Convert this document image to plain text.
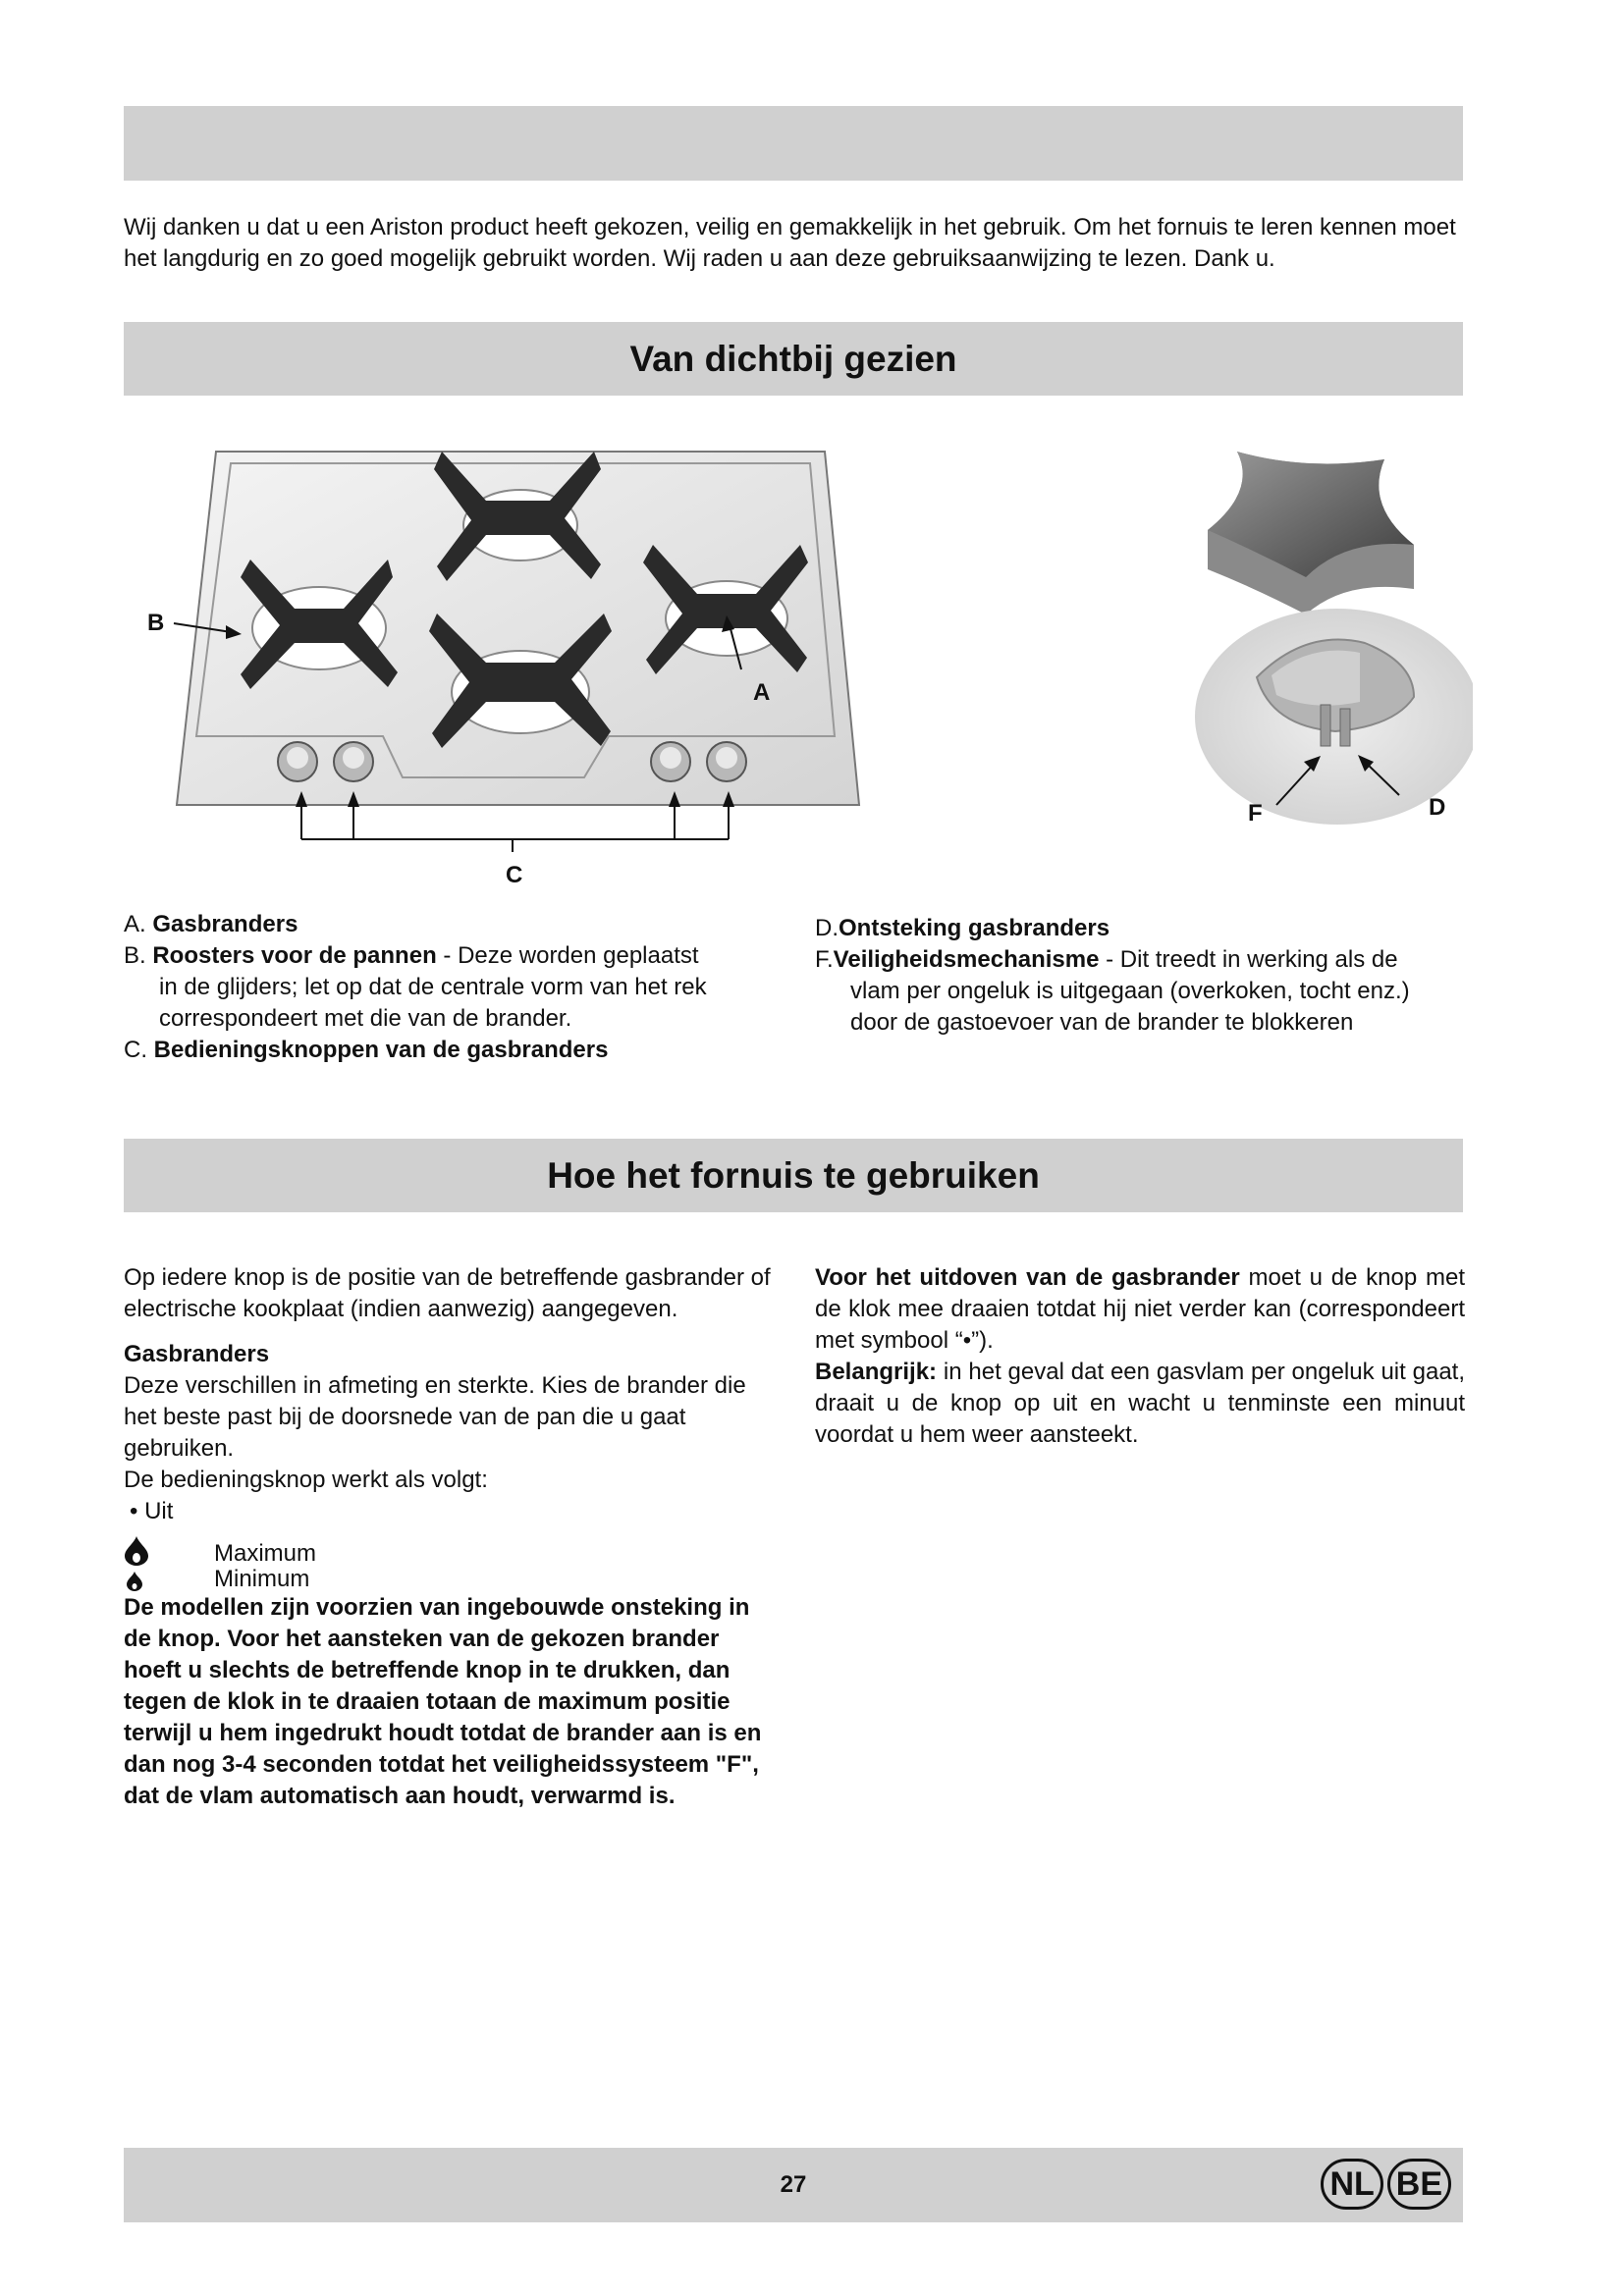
Wij danken u dat u een Ariston product heeft gekozen, veilig en gemakkelijk in het gebruik. Om het fornuis te leren kennen moet het langdurig en zo goed mogelijk gebruikt worden. Wij raden u aan deze gebruiksaanwijzing te lezen. Dank u.
Van dichtbij gezien
B
A
C
F	D
A. Gasbranders
B. Roosters voor de pannen - Deze worden geplaatst
in de glijders; let op dat de centrale vorm van het rek correspondeert met die van de brander.
C. Bedieningsknoppen van de gasbranders
D.Ontsteking gasbranders
F.Veiligheidsmechanisme - Dit treedt in werking als de
vlam per ongeluk is uitgegaan (overkoken, tocht enz.) door de gastoevoer van de brander te blokkeren
Hoe het fornuis te gebruiken

Op iedere knop is de positie van de betreffende gasbrander of electrische kookplaat (indien aanwezig) aangegeven.

Gasbranders

Deze verschillen in afmeting en sterkte. Kies de brander die het beste past bij de doorsnede van de pan die u gaat gebruiken.

De bedieningsknop werkt als volgt:

• Uit
Maximum
Minimum

De modellen zijn voorzien van ingebouwde onsteking in de knop. Voor het aansteken van de gekozen brander hoeft u slechts de betreffende knop in te drukken, dan tegen de klok in te draaien totaan de maximum positie terwijl u hem ingedrukt houdt totdat de brander aan is en dan nog 3-4 seconden totdat het veiligheidssysteem "F", dat de vlam automatisch aan houdt, verwarmd is.

Voor het uitdoven van de gasbrander moet u de knop met de klok mee draaien totdat hij niet verder kan (correspondeert met symbool “•”).

Belangrijk: in het geval dat een gasvlam per ongeluk uit gaat, draait u de knop op uit en wacht u tenminste een minuut voordat u hem weer aansteekt.

27	NL BE
